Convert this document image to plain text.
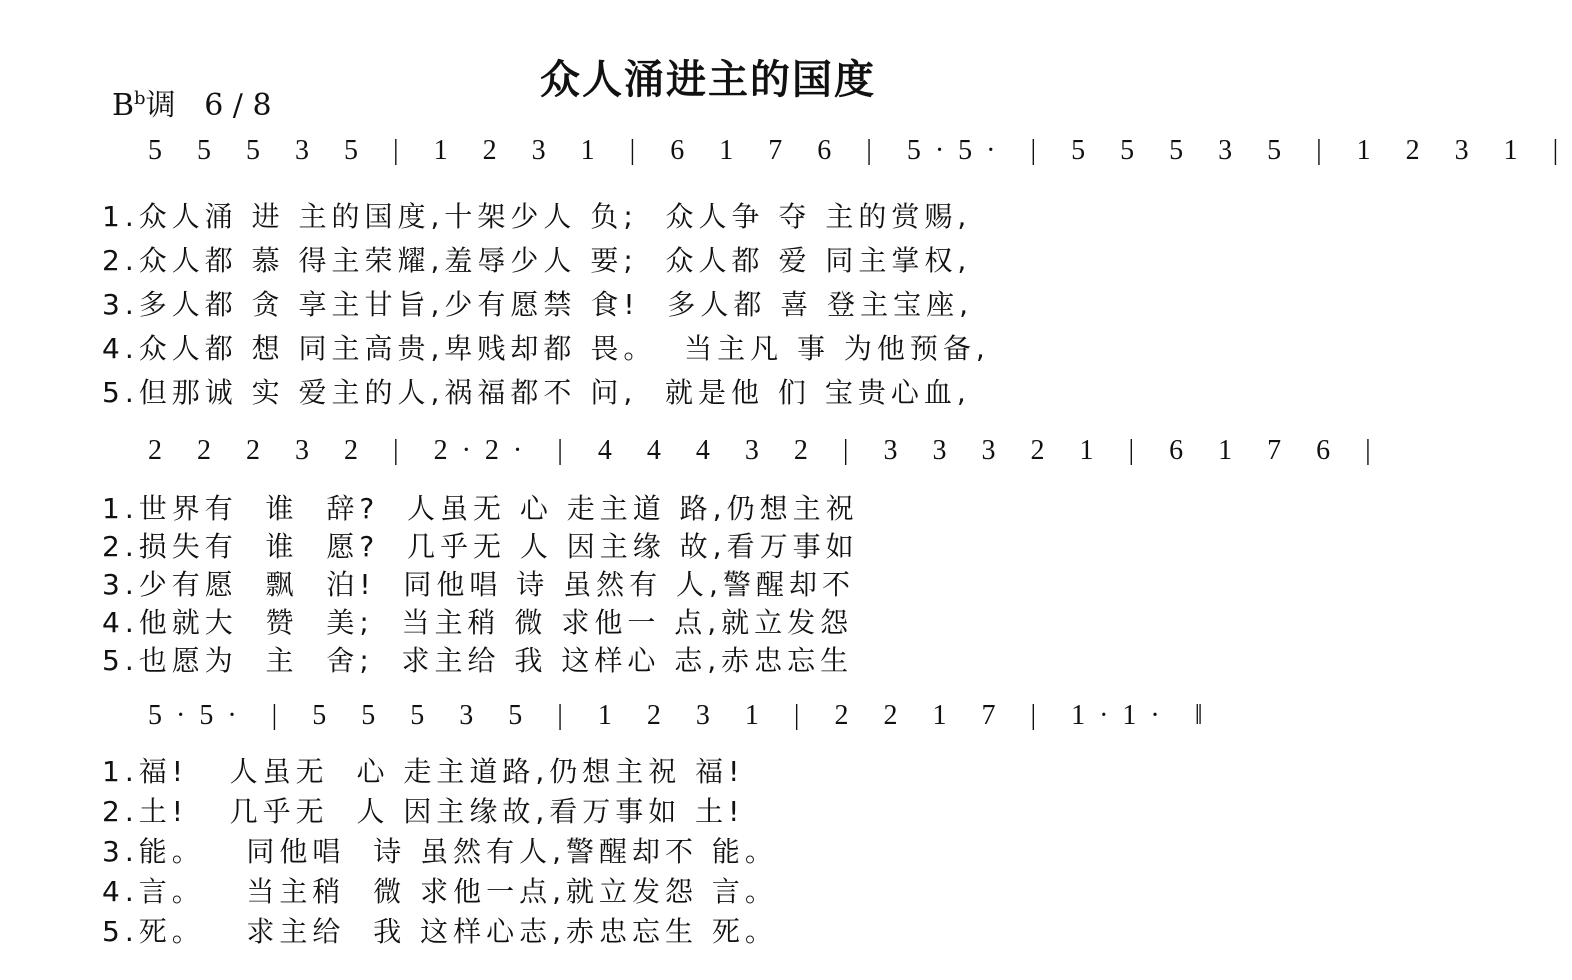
众人涌进主的国度
$B^b$调 6 / 8
5 5 5 3 5 | 1 2 3 1 | 6 1 7 6 | 5·5· | 5 5 5 3 5 | 1 2 3 1 |
1.众人涌 进 主的国度,十架少人 负;  众人争 夺 主的赏赐,
2.众人都 慕 得主荣耀,羞辱少人 要;  众人都 爱 同主掌权,
3.多人都 贪 享主甘旨,少有愿禁 食!  多人都 喜 登主宝座,
4.众人都 想 同主高贵,卑贱却都 畏。  当主凡 事 为他预备,
5.但那诚 实 爱主的人,祸福都不 问,  就是他 们 宝贵心血,
2 2 2 3 2 | 2·2· | 4 4 4 3 2 | 3 3 3 2 1 | 6 1 7 6 |
1.世界有  谁  辞?  人虽无 心 走主道 路,仍想主祝
2.损失有  谁  愿?  几乎无 人 因主缘 故,看万事如
3.少有愿  飘  泊!  同他唱 诗 虽然有 人,警醒却不
4.他就大  赞  美;  当主稍 微 求他一 点,就立发怨
5.也愿为  主  舍;  求主给 我 这样心 志,赤忠忘生
5·5· | 5 5 5 3 5 | 1 2 3 1 | 2 2 1 7 | 1·1· ‖
1.福!   人虽无  心 走主道路,仍想主祝 福!
2.土!   几乎无  人 因主缘故,看万事如 土!
3.能。   同他唱  诗 虽然有人,警醒却不 能。
4.言。   当主稍  微 求他一点,就立发怨 言。
5.死。   求主给  我 这样心志,赤忠忘生 死。
